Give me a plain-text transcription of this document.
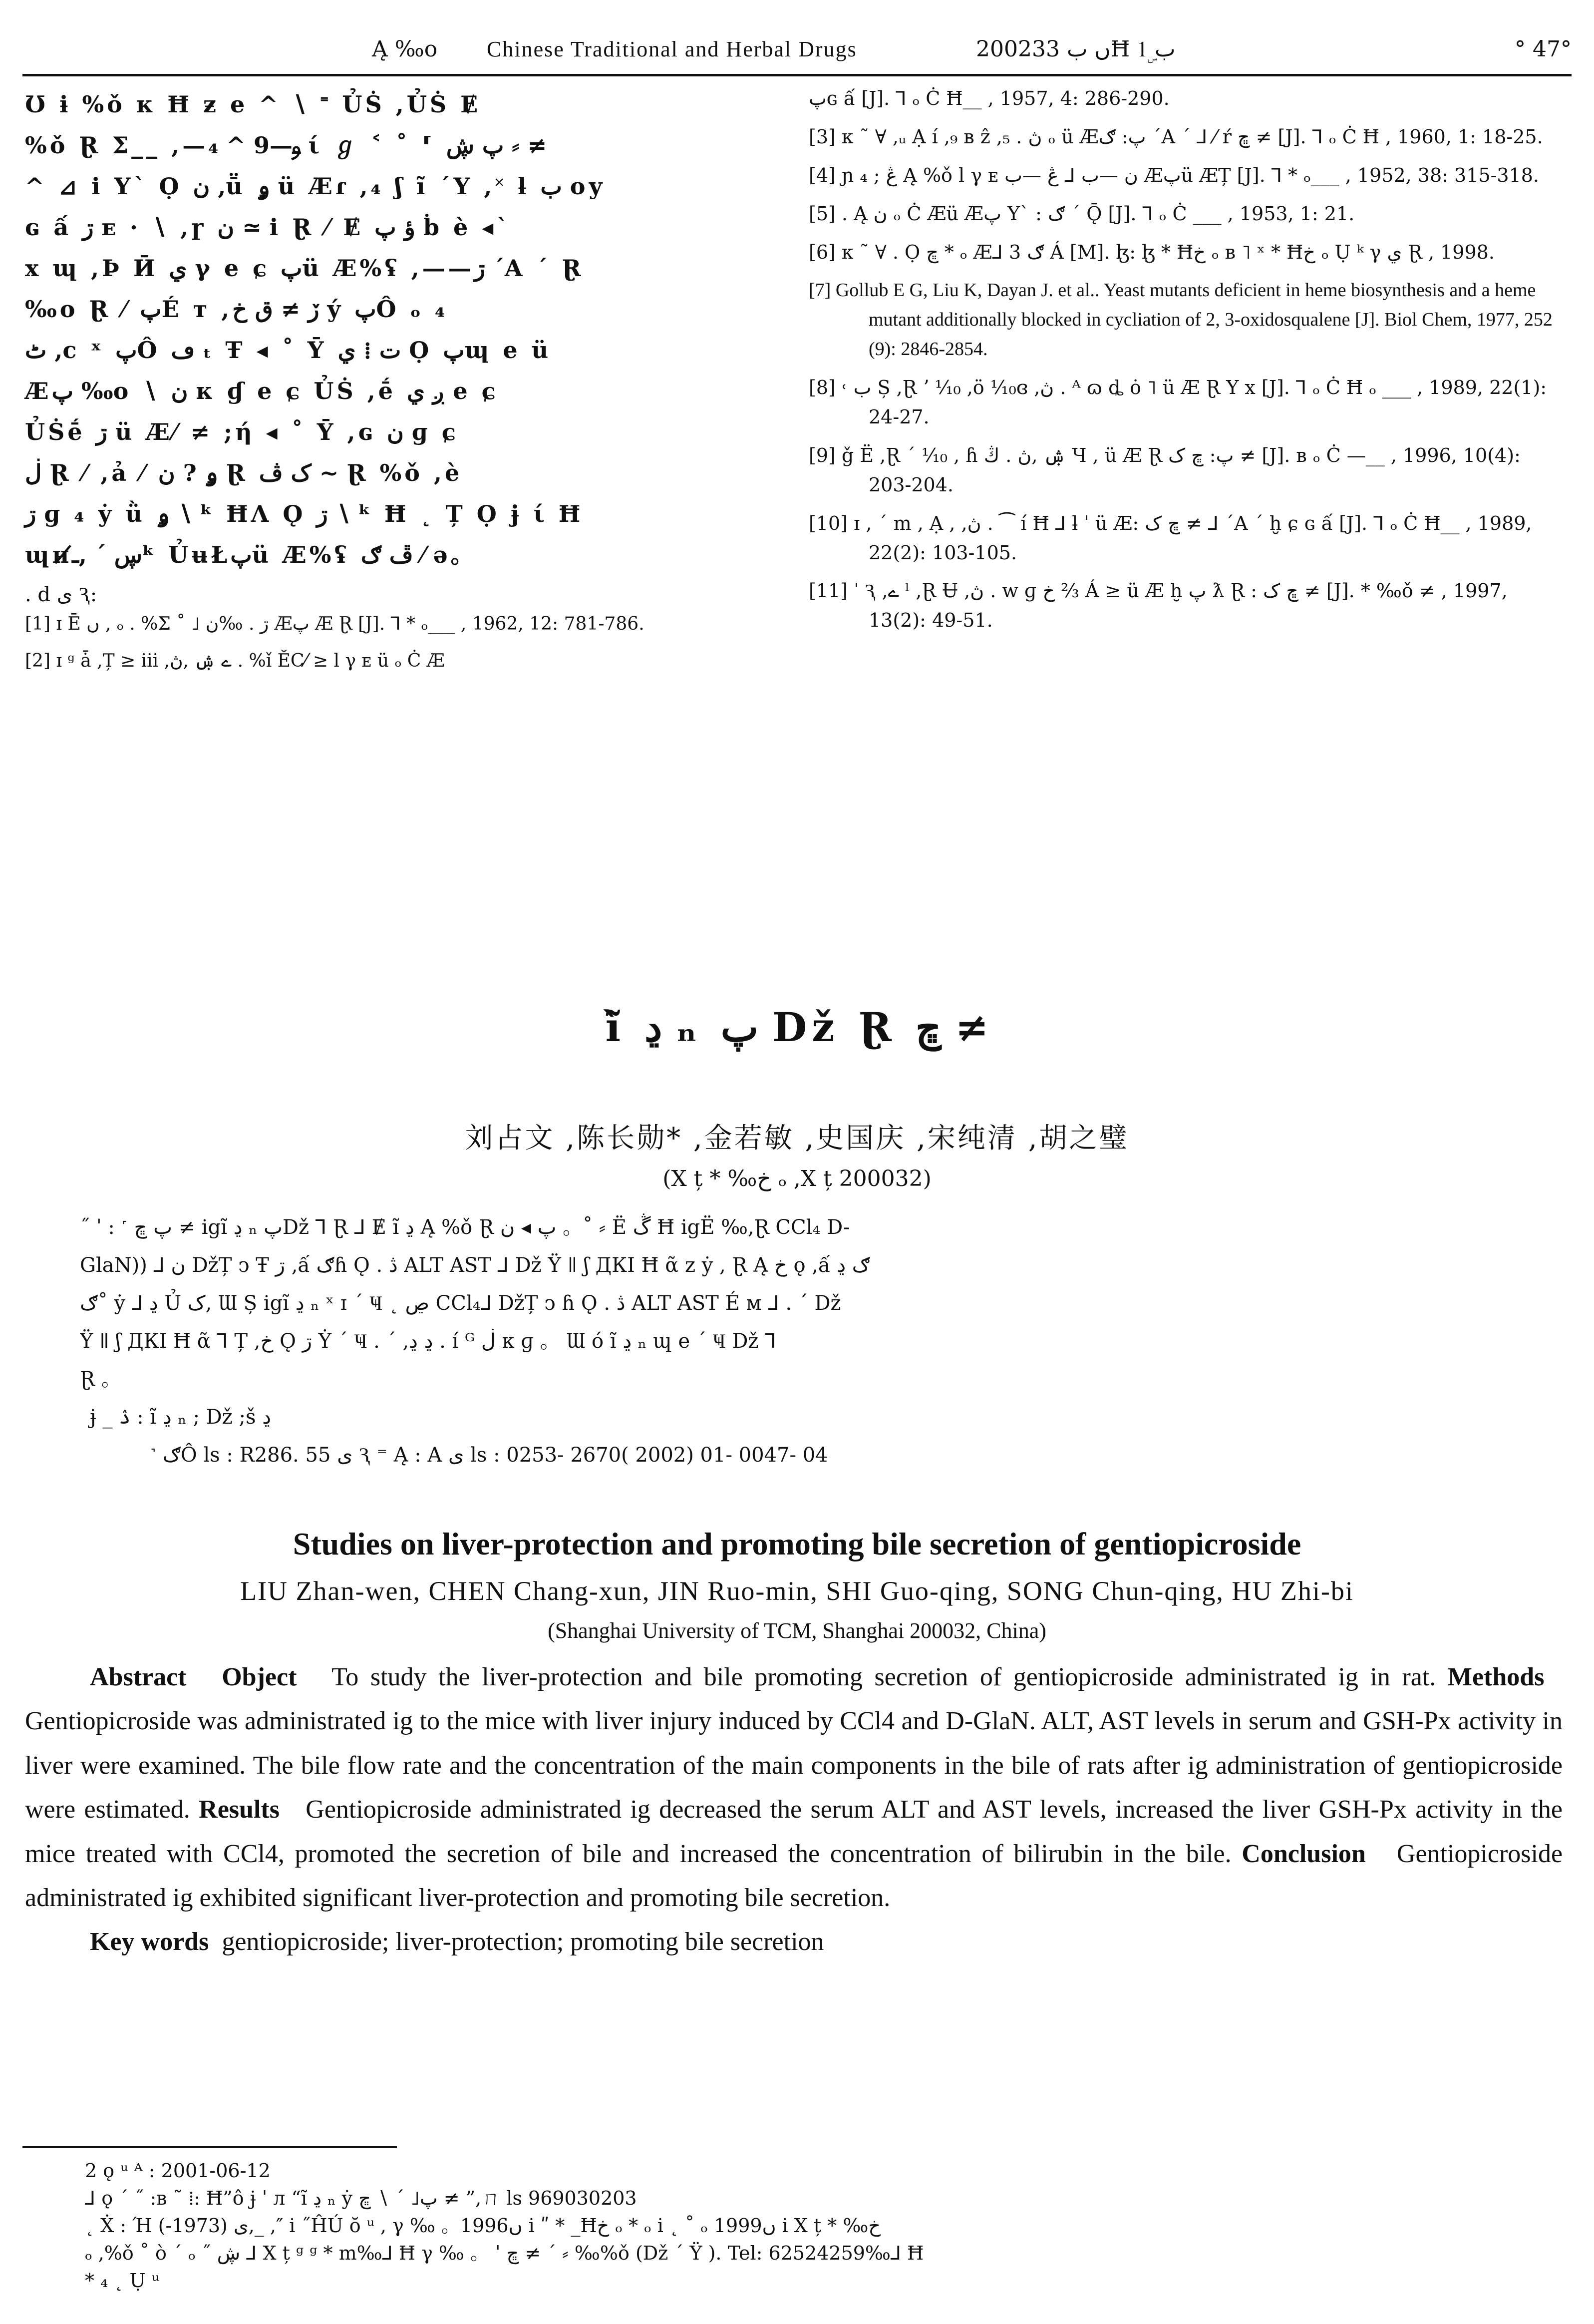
Ą ‰o Chinese Traditional and Herbal Drugs	2002ں ب 33Ħ ب 1ۣ	° 47°
Ʊ ɨ %ǒ κ Ħ ƶ e ^ ∖ ˭ ỦṠ ,ỦṠ Ɇ
%ǒ Ɽ Σ__ ,—ࢄ—9 ^ ₄ ί ℊ ˂ ˚ ⸢ پ ڜ ⸗ ≠
^ ⊿ i Yˋ Ọ ن ,ṻ ۅ ü Æɾ ,₄ ʃ ĩ ˊY ,˟ ƚ ب оу
ɢ ấ ڗ ᴇ · ∖ ,ɼ ن ≃ i Ɽ ⁄ Ɇ ؤ پ ḃ è ◂`
x ɰ ,Þ Ӣ ي γ e ɕ پü Æ%ʢ ,——ڗ ˊA ´ Ɽ
‰o Ɽ ⁄ پÉ т ,ڒ ≠ ق خ ý پÔ ₒ ₄
ٹ ,c ˣ پÔ ڡ ₜ Ŧ ◂ ˚ Ȳ ت ⁞ ي Ọ پɰ e ü
Æپ ‰o ∖ ن κ ɠ e ɕ ỦṠ ,ḗ ږ ي e ɕ
ỦṠḗ ڗ ü Æ⁄ ≠ ;ή ◂ ˚ Ȳ ,ɢ ن ɡ ɕ
ڶ Ɽ ⁄ ,ả ⁄ ۅ ? ن Ɽ ک ڤ ~ Ɽ %ǒ ,è
ڗ ɡ ₄ ẏ ǜ ۅ ∖ ᵏ ĦɅ Ǫ ڗ ∖ ᵏ Ħ ˛ Ț Ọ ɉ ί Ħ
ɰʜڛ ˊ ,ـ̸ᵏ ỦʉŁپü Æ%ʢ ڦ ګ ⁄ ǝ。
. d ى Ԇ:
[1] ɪ Ē ں , ₒ . %Ʃ ˚ ˩ ڗ . ‰ن Æپ Æ Ɽ [J]. ⅂ * ₒ___ , 1962, 12: 781-786.
[2] ɪ ᵍ ǡ ,Ț ≥ ⅲ ,ے ۺ ,ڽ . %ǐ ӖⅭ⁄ ≥ l γ ᴇ ü ₒ Ċ Æ
پɢ ấ [J]. ⅂ ₒ Ċ Ħ__ , 1957, 4: 286-290.
[3] κ ˜ ∀ ,ᵤ Ạ í ,₉ ʙ ẑ ,ڽ . ₅ ₒ ü Æپ: ګ ˊA ´ ⅃ ⁄ ŕ ڇ ≠ [J]. ⅂ ₒ Ċ Ħ , 1960, 1: 18-25.
[4] ɲ ڠ ; ₄ Ą %ǒ l γ ᴇ ن —ب ⅃ ڠ —ب Æپü ÆȚ [J]. ⅂ * ₒ___ , 1952, 38: 315-318.
[5] . Ą ن ₒ Ċ Æü Æپ Yˋ : ګ ˊ Ǭ [J]. ⅂ ₒ Ċ ___ , 1953, 1: 21.
[6] κ ˜ ∀ . Ọ ڇ * ₒ Æ⅃ ګ 3 Á [M]. ɮ: ɮ * Ħخ ₒ ʙ ˥ ˣ * Ħخ ₒ Ụ ᵏ γ ي Ɽ , 1998.
[7] Gollub E G, Liu K, Dayan J. et al.. Yeast mutants deficient in heme biosynthesis and a heme mutant additionally blocked in cycliation of 2, 3-oxidosqualene [J]. Biol Chem, 1977, 252 (9): 2846-2854.
[8] ˓ ب Ș ,Ɽ ʼ ⅒ ,ö ⅒ɞ ,ڽ . ᴬ ɷ ȡ ȯ ˥ ü Æ Ɽ Y x [J]. ⅂ ₒ Ċ Ħ ₒ ___ , 1989, 22(1): 24-27.
[9] ǧ Ë ,Ɽ ˊ ⅒ , ɦ ۺ ,ڽ . ڭ Ч , ü Æ Ɽ پ: ڇ ک ≠ [J]. ʙ ₒ Ċ —__ , 1996, 10(4): 203-204.
[10] ɪ , ´ m , Ạ , ,ڽ . ⁀ í Ħ ⅃ ƚ ˈ ü Æ: ڇ ک ≠ ⅃ ˊA ´ ḫ ɕ ɢ ấ [J]. ⅂ ₒ Ċ Ħ__ , 1989, 22(2): 103-105.
[11] ˈ Ԇ ,ے ˡ ,Ɽ Ʉ ,ڽ . w ɡ خ ⅔ Á ≥ ü Æ ḫ پ ƛ Ɽ : ڇ ک ≠ [J]. * ‰ǒ ≠ , 1997, 13(2): 49-51.
ĩ̀ ڍ ₙ پ Dž Ɽ ڇ ≠
刘占文 ,陈长勋* ,金若敏 ,史国庆 ,宋纯清 ,胡之璧
(Χ ț * ‰خ ₒ ,Χ ț 200032)
˝ ˈ : ˹ پ ڇ ≠ igĩ ڍ ₙ پDž ⅂ Ɽ ⅃ Ɇ ĩ ڍ Ą %ǒ Ɽ پ ◂ ن 。˚ ⸗ Ë ڴ Ħ igË ‰,Ɽ CCl₄ D-
GlaN)) ⅃ ن DžȚ ↄ Ŧ ڗ ,ấ ګɦ Ǫ . ڎ ALT AST ⅃ Dž Ÿ ǁ ʃ ДКІ Ħ ᾶ z ẏ , Ɽ Ą خ ǫ ,ấ ګ ڍ
ګ˚ ẏ ⅃ ڍ Ủ ک, Ɯ Ș igĩ ڍ ₙ ˣ ɪ ˊ Ҹ ˛ ڝ CCl₄⅃ DžȚ ↄ ɦ Ǫ . ڎ ALT AST É ᴍ ⅃ . ˊ Dž
Ÿ ǁ ʃ ДКІ Ħ ᾶ ⅂ Ț ,خ Ǫ ڗ Ẏ ˊ Ҹ . ˊ ,ڍ ڍ . í ᴳ ڶ κ ɡ 。 Ɯ ó ĩ ڍ ₙ ɰ e ˊ Ҹ Dž ⅂
Ɽ 。
ɉ _ ۮ : ĩ ڍ ₙ ; Dž ;š ڍ
˺ ګÔ ls : R286. 55 ى Ԇ ⁼ Ą : A ى ls : 0253- 2670( 2002) 01- 0047- 04
Studies on liver-protection and promoting bile secretion of gentiopicroside
LIU Zhan-wen, CHEN Chang-xun, JIN Ruo-min, SHI Guo-qing, SONG Chun-qing, HU Zhi-bi
(Shanghai University of TCM, Shanghai 200032, China)

Abstract Object To study the liver-protection and bile promoting secretion of gentiopicroside administrated ig in rat. Methods   Gentiopicroside was administrated ig to the mice with liver injury induced by CCl4 and D-GlaN. ALT, AST levels in serum and GSH-Px activity in liver were examined. The bile flow rate and the concentration of the main components in the bile of rats after ig administration of gentiopicroside were estimated. Results Gentiopicroside administrated ig decreased the serum ALT and AST levels, increased the liver GSH-Px activity in the mice treated with CCl4, promoted the secretion of bile and increased the concentration of bilirubin in the bile. Conclusion Gentiopicroside administrated ig exhibited significant liver-protection and promoting bile secretion.

Key words gentiopicroside; liver-protection; promoting bile secretion

2 ǫ ᵘ ᴬ : 2001-06-12
⅃ ǫ ´ ˝ :ʙ ˜ ⁞: Ħ”ô ɉ ˈ л “ĩ ڍ ₙ ẏ پ˩ ˊ ∖ ڇ ≠ ”,ㄇ ls 969030203
˛ Ẋ : Ή ى (1973-),_ ,″ ⅰ ˝ĤÚ ŏ ᵘ , γ ‰ 。1996ں ⅰ ʺ * _Ħخ ₒ * ₒ ⅰ ˛ ˚ ₒ 1999ں ⅰ Χ ț * ‰خ
ₒ ,%ǒ ˚ ò ˊ ₒ ˝ ڜ ⅃ Χ ț ᵍ ᵍ * m‰⅃ Ħ γ ‰ 。 ˈ ڇ ≠ ˊ ⸗ ‰%ǒ (Dž ˊ Ÿ ). Tel: 62524259‰⅃ Ħ
* ₄ ˛ Ụ ᵘ
